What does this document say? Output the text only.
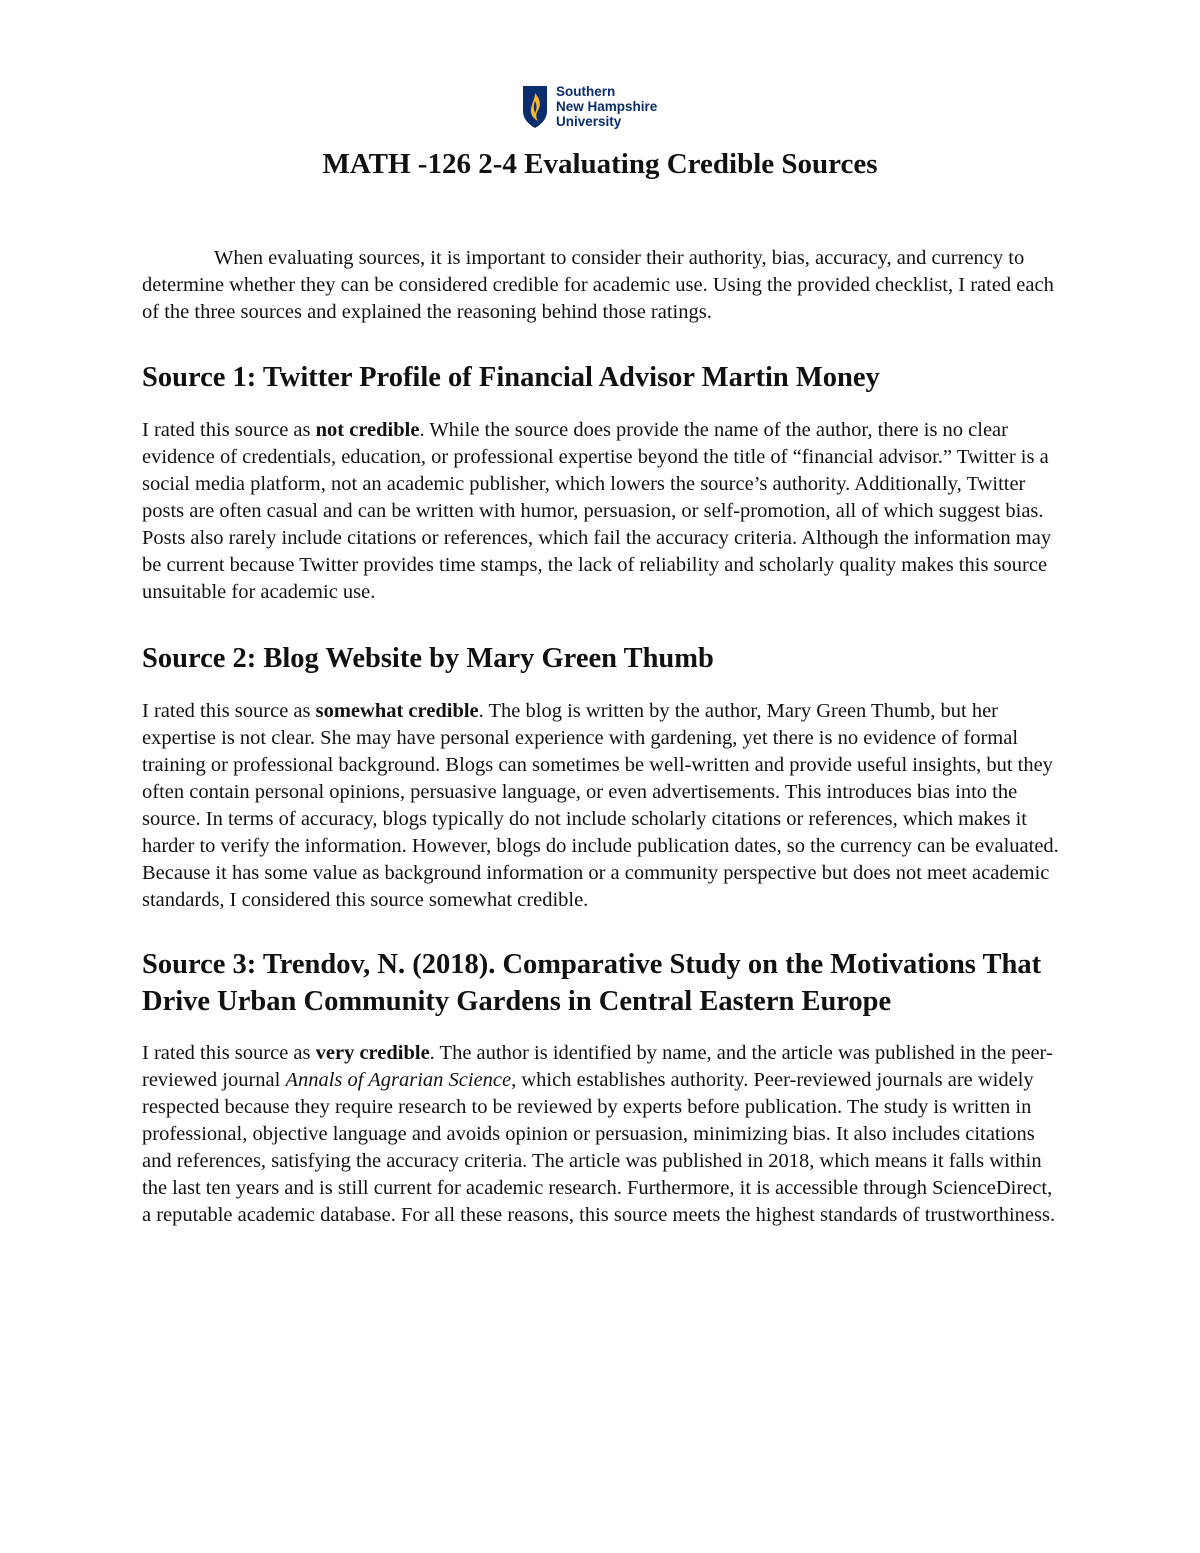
Southern
New Hampshire
University
MATH -126 2-4 Evaluating Credible Sources

When evaluating sources, it is important to consider their authority, bias, accuracy, and currency to determine whether they can be considered credible for academic use. Using the provided checklist, I rated each of the three sources and explained the reasoning behind those ratings.

Source 1: Twitter Profile of Financial Advisor Martin Money

I rated this source as not credible. While the source does provide the name of the author, there is no clear evidence of credentials, education, or professional expertise beyond the title of “financial advisor.” Twitter is a social media platform, not an academic publisher, which lowers the source’s authority. Additionally, Twitter posts are often casual and can be written with humor, persuasion, or self-promotion, all of which suggest bias. Posts also rarely include citations or references, which fail the accuracy criteria. Although the information may be current because Twitter provides time stamps, the lack of reliability and scholarly quality makes this source unsuitable for academic use.

Source 2: Blog Website by Mary Green Thumb

I rated this source as somewhat credible. The blog is written by the author, Mary Green Thumb, but her expertise is not clear. She may have personal experience with gardening, yet there is no evidence of formal training or professional background. Blogs can sometimes be well-written and provide useful insights, but they often contain personal opinions, persuasive language, or even advertisements. This introduces bias into the source. In terms of accuracy, blogs typically do not include scholarly citations or references, which makes it harder to verify the information. However, blogs do include publication dates, so the currency can be evaluated. Because it has some value as background information or a community perspective but does not meet academic standards, I considered this source somewhat credible.

Source 3: Trendov, N. (2018). Comparative Study on the Motivations That Drive Urban Community Gardens in Central Eastern Europe

I rated this source as very credible. The author is identified by name, and the article was published in the peer-reviewed journal Annals of Agrarian Science, which establishes authority. Peer-reviewed journals are widely respected because they require research to be reviewed by experts before publication. The study is written in professional, objective language and avoids opinion or persuasion, minimizing bias. It also includes citations and references, satisfying the accuracy criteria. The article was published in 2018, which means it falls within the last ten years and is still current for academic research. Furthermore, it is accessible through ScienceDirect, a reputable academic database. For all these reasons, this source meets the highest standards of trustworthiness.
